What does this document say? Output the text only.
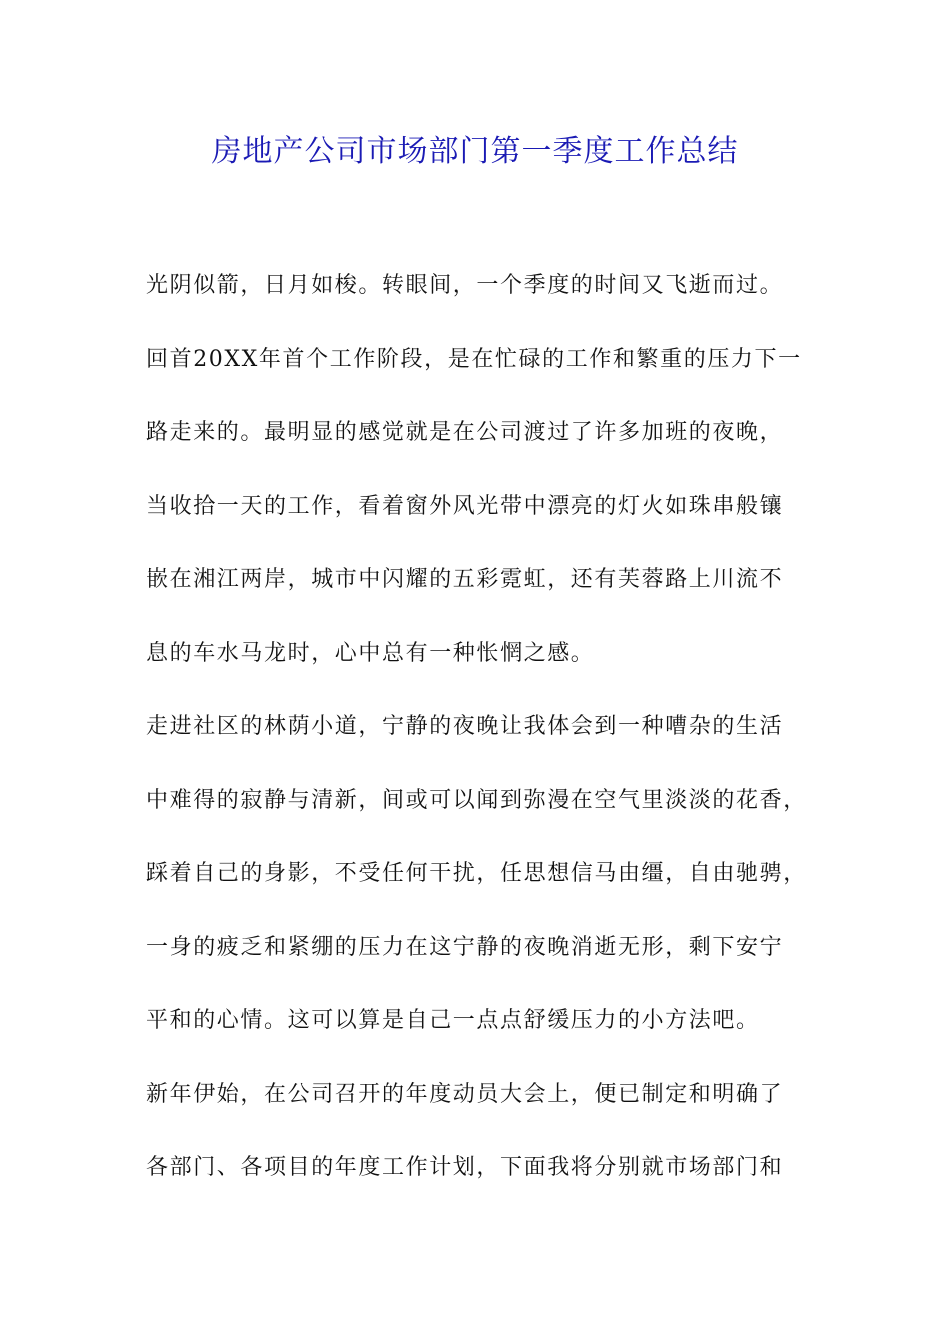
房地产公司市场部门第一季度工作总结
光阴似箭，日月如梭。转眼间，一个季度的时间又飞逝而过。
回首20XX年首个工作阶段，是在忙碌的工作和繁重的压力下一
路走来的。最明显的感觉就是在公司渡过了许多加班的夜晚，
当收拾一天的工作，看着窗外风光带中漂亮的灯火如珠串般镶
嵌在湘江两岸，城市中闪耀的五彩霓虹，还有芙蓉路上川流不
息的车水马龙时，心中总有一种怅惘之感。
走进社区的林荫小道，宁静的夜晚让我体会到一种嘈杂的生活
中难得的寂静与清新，间或可以闻到弥漫在空气里淡淡的花香，
踩着自己的身影，不受任何干扰，任思想信马由缰，自由驰骋，
一身的疲乏和紧绷的压力在这宁静的夜晚消逝无形，剩下安宁
平和的心情。这可以算是自己一点点舒缓压力的小方法吧。
新年伊始，在公司召开的年度动员大会上，便已制定和明确了
各部门、各项目的年度工作计划，下面我将分别就市场部门和
